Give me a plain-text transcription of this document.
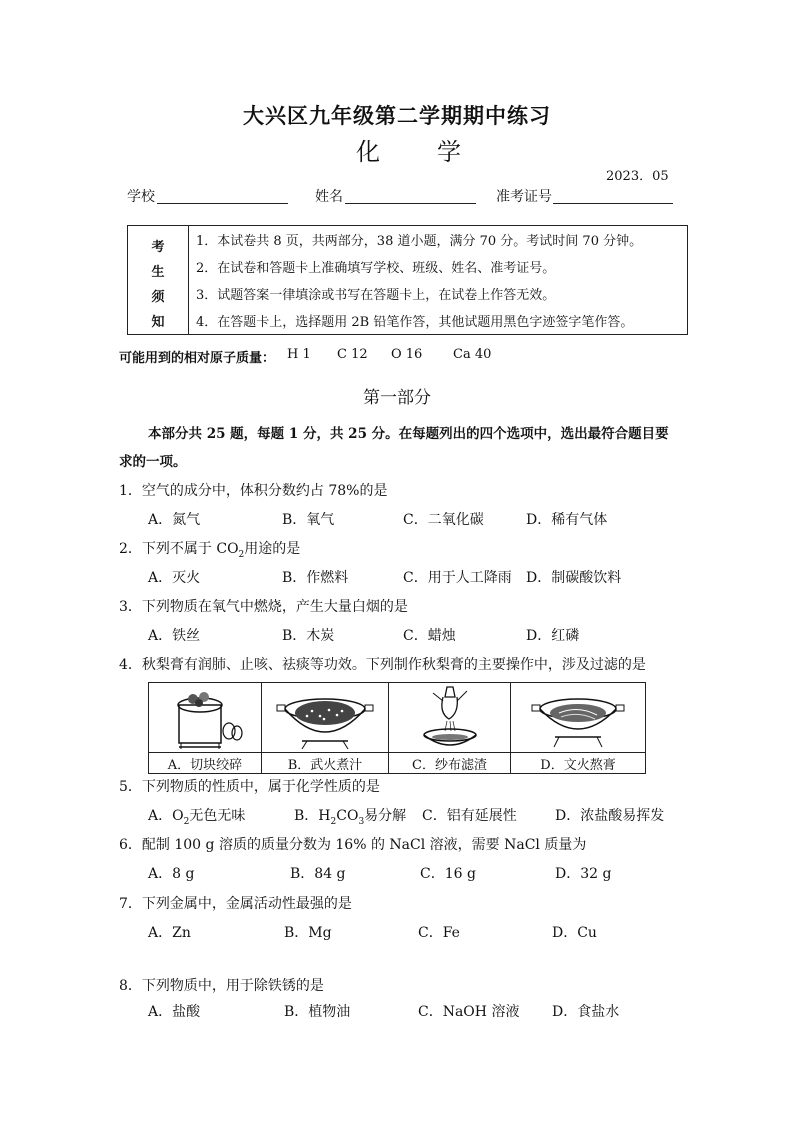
大兴区九年级第二学期期中练习
化 学
2023．05
学校	姓名	准考证号
考
生
须
知
1．本试卷共 8 页，共两部分，38 道小题，满分 70 分。考试时间 70 分钟。
2．在试卷和答题卡上准确填写学校、班级、姓名、准考证号。
3．试题答案一律填涂或书写在答题卡上，在试卷上作答无效。
4．在答题卡上，选择题用 2B 铅笔作答，其他试题用黑色字迹签字笔作答。
可能用到的相对原子质量： H 1 C 12 O 16 Ca 40
第一部分
本部分共 25 题，每题 1 分，共 25 分。在每题列出的四个选项中，选出最符合题目要
求的一项。
1．空气的成分中，体积分数约占 78%的是
A．氮气	B．氧气	C．二氧化碳	D．稀有气体
2．下列不属于 $CO_2$用途的是
A．灭火	B．作燃料	C．用于人工降雨 D．制碳酸饮料
3．下列物质在氧气中燃烧，产生大量白烟的是
A．铁丝	B．木炭	C．蜡烛	D．红磷
4．秋梨膏有润肺、止咳、祛痰等功效。下列制作秋梨膏的主要操作中，涉及过滤的是
A．切块绞碎	B．武火煮汁	C．纱布滤渣	D．文火熬膏
5．下列物质的性质中，属于化学性质的是
A．$O_2$无色无味	B．$H_2CO_3$易分解 C．铝有延展性	D．浓盐酸易挥发
6．配制 100 g 溶质的质量分数为 16% 的 NaCl 溶液，需要 NaCl 质量为
A．8 g	B．84 g	C．16 g	D．32 g
7．下列金属中，金属活动性最强的是
A．Zn	B．Mg	C．Fe	D．Cu
8．下列物质中，用于除铁锈的是
A．盐酸	B．植物油	C．NaOH 溶液 D．食盐水
